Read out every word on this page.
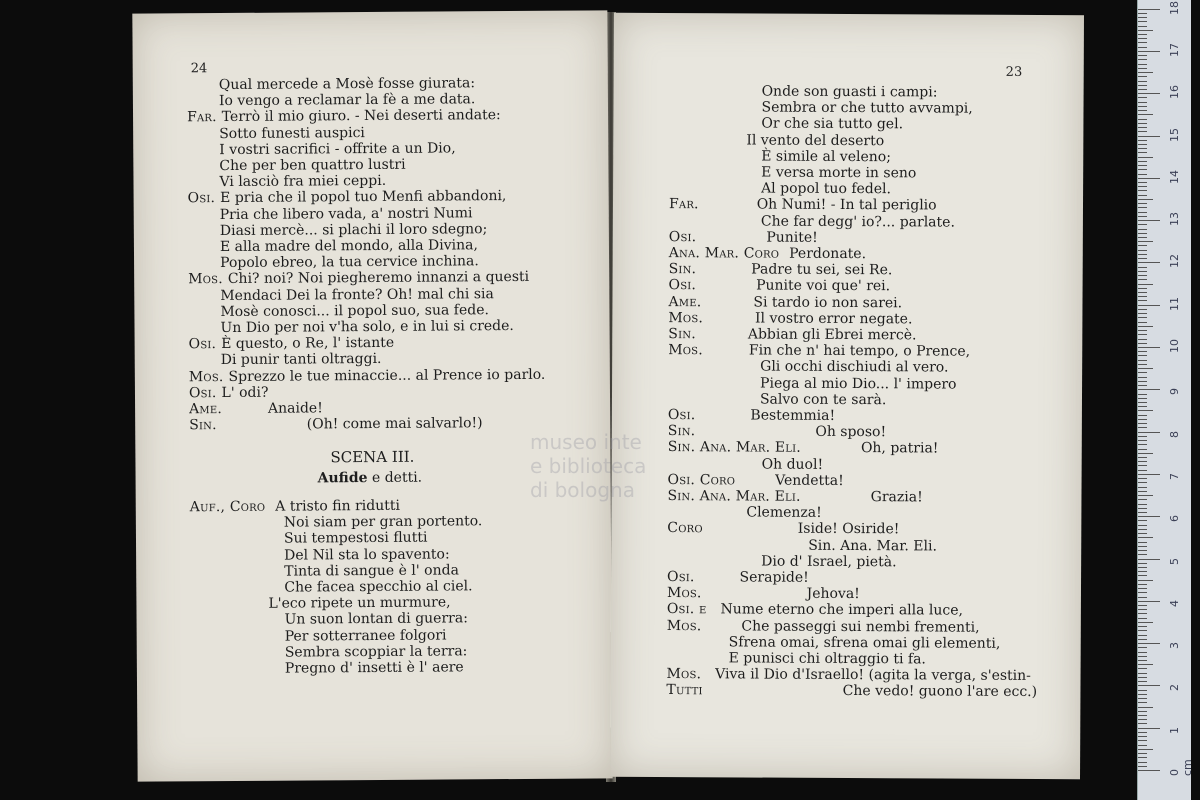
24
Qual mercede a Mosè fosse giurata:
Io vengo a reclamar la fè a me data.
Far. Terrò il mio giuro. - Nei deserti andate:
Sotto funesti auspici
I vostri sacrifici - offrite a un Dio,
Che per ben quattro lustri
Vi lasciò fra miei ceppi.
Osi. E pria che il popol tuo Menfi abbandoni,
Pria che libero vada, a' nostri Numi
Diasi mercè... si plachi il loro sdegno;
E alla madre del mondo, alla Divina,
Popolo ebreo, la tua cervice inchina.
Mos. Chi? noi? Noi piegheremo innanzi a questi
Mendaci Dei la fronte? Oh! mal chi sia
Mosè conosci... il popol suo, sua fede.
Un Dio per noi v'ha solo, e in lui si crede.
Osi. È questo, o Re, l' istante
Di punir tanti oltraggi.
Mos. Sprezzo le tue minaccie... al Prence io parlo.
Osi. L' odi?
Ame.	Anaide!
Sin.	(Oh! come mai salvarlo!)
SCENA III.
Aufide e detti.
Auf., Coro A tristo fin ridutti
Noi siam per gran portento.
Sui tempestosi flutti
Del Nil sta lo spavento:
Tinta di sangue è l' onda
Che facea specchio al ciel.
L'eco ripete un murmure,
Un suon lontan di guerra:
Per sotterranee folgori
Sembra scoppiar la terra:
Pregno d' insetti è l' aere
23
Onde son guasti i campi:
Sembra or che tutto avvampi,
Or che sia tutto gel.
Il vento del deserto
È simile al veleno;
E versa morte in seno
Al popol tuo fedel.
Far.	Oh Numi! - In tal periglio
Che far degg' io?... parlate.
Osi.	Punite!
Ana. Mar. Coro Perdonate.
Sin.	Padre tu sei, sei Re.
Osi.	Punite voi que' rei.
Ame.	Si tardo io non sarei.
Mos.	Il vostro error negate.
Sin.	Abbian gli Ebrei mercè.
Mos.	Fin che n' hai tempo, o Prence,
Gli occhi dischiudi al vero.
Piega al mio Dio... l' impero
Salvo con te sarà.
Osi.	Bestemmia!
Sin.	Oh sposo!
Sin. Ana. Mar. Eli.	Oh, patria!
Oh duol!
Osi. Coro	Vendetta!
Sin. Ana. Mar. Eli.	Grazia!
Clemenza!
Coro	Iside! Osiride!
Sin. Ana. Mar. Eli.
Dio d' Israel, pietà.
Osi.	Serapide!
Mos.	Jehova!
Osi. e Nume eterno che imperi alla luce,
Mos.	Che passeggi sui nembi frementi,
Sfrena omai, sfrena omai gli elementi,
E punisci chi oltraggio ti fa.
Mos. Viva il Dio d'Israello! (agita la verga, s'estin-
Tutti	Che vedo! guono l'are ecc.)
museo inte
e biblioteca
di bologna
0 cm
1
2
3
4
5
6
7
8
9
10
11
12
13
14
15
16
17
18
